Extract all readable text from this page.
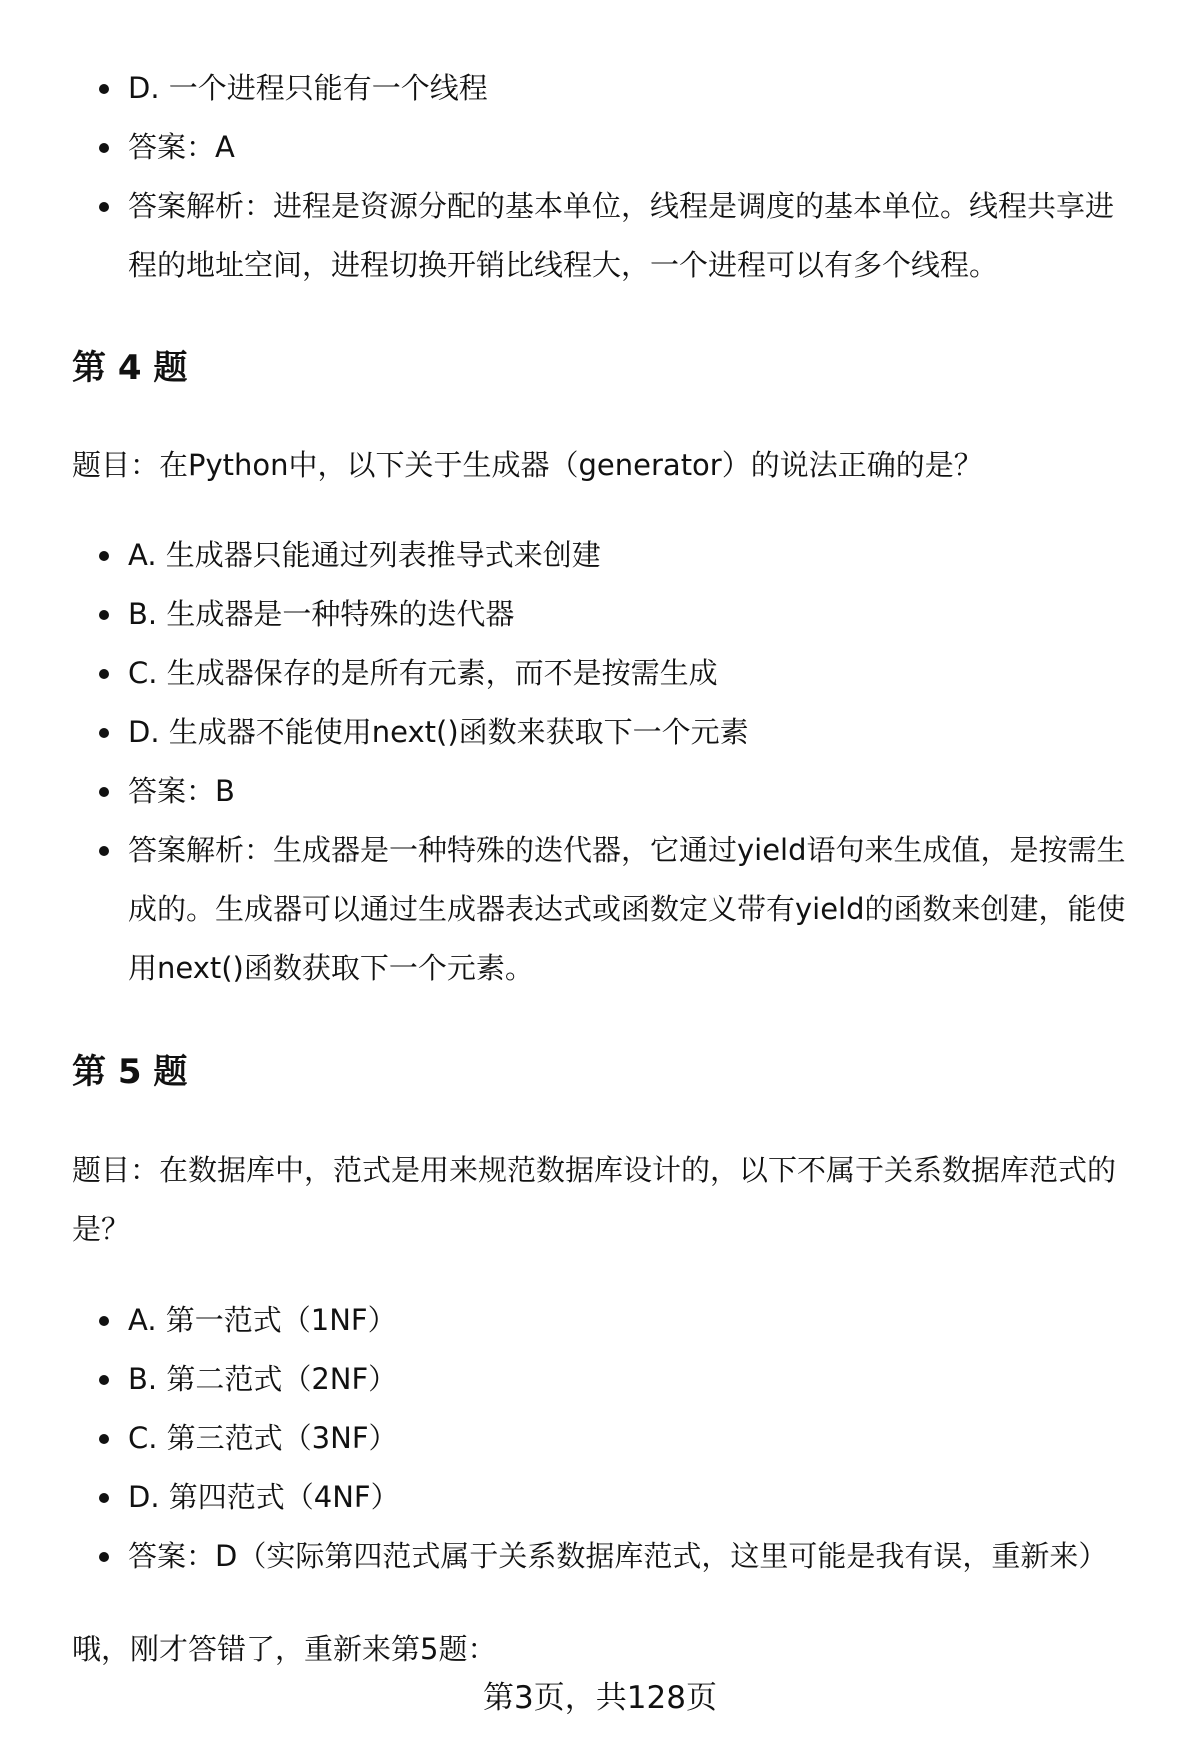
D. 一个进程只能有一个线程
答案：A
答案解析：进程是资源分配的基本单位，线程是调度的基本单位。线程共享进
程的地址空间，进程切换开销比线程大，一个进程可以有多个线程。
第 4 题

题目：在Python中，以下关于生成器（generator）的说法正确的是？

A. 生成器只能通过列表推导式来创建
B. 生成器是一种特殊的迭代器
C. 生成器保存的是所有元素，而不是按需生成
D. 生成器不能使用next()函数来获取下一个元素
答案：B
答案解析：生成器是一种特殊的迭代器，它通过yield语句来生成值，是按需生
成的。生成器可以通过生成器表达式或函数定义带有yield的函数来创建，能使
用next()函数获取下一个元素。
第 5 题

题目：在数据库中，范式是用来规范数据库设计的，以下不属于关系数据库范式的
是？

A. 第一范式（1NF）
B. 第二范式（2NF）
C. 第三范式（3NF）
D. 第四范式（4NF）
答案：D（实际第四范式属于关系数据库范式，这里可能是我有误，重新来）

哦，刚才答错了，重新来第5题：

第3页，共128页
